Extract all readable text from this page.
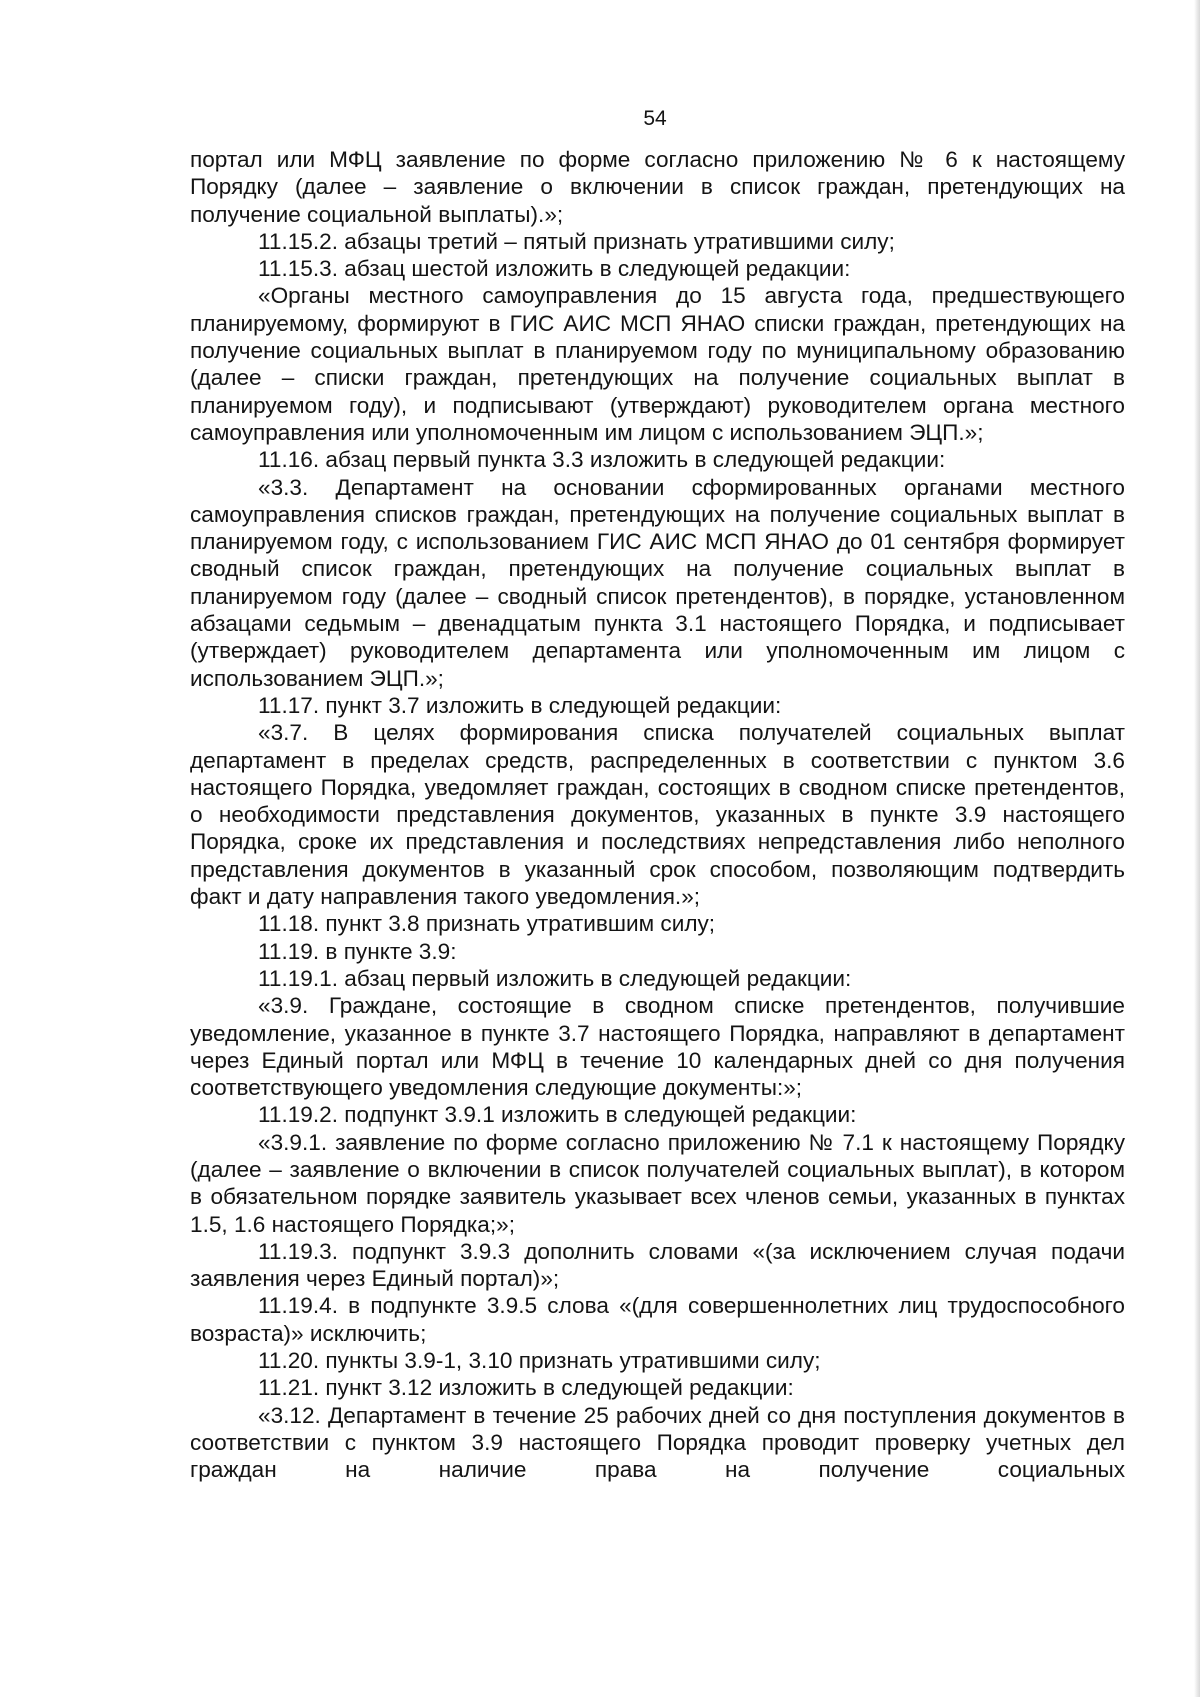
54

портал или МФЦ заявление по форме согласно приложению № 6 к настоящему Порядку (далее – заявление о включении в список граждан, претендующих на получение социальной выплаты).»;

11.15.2. абзацы третий – пятый признать утратившими силу;

11.15.3. абзац шестой изложить в следующей редакции:

«Органы местного самоуправления до 15 августа года, предшествующего планируемому, формируют в ГИС АИС МСП ЯНАО списки граждан, претендующих на получение социальных выплат в планируемом году по муниципальному образованию (далее – списки граждан, претендующих на получение социальных выплат в планируемом году), и подписывают (утверждают) руководителем органа местного самоуправления или уполномоченным им лицом с использованием ЭЦП.»;

11.16. абзац первый пункта 3.3 изложить в следующей редакции:

«3.3. Департамент на основании сформированных органами местного самоуправления списков граждан, претендующих на получение социальных выплат в планируемом году, с использованием ГИС АИС МСП ЯНАО до 01 сентября формирует сводный список граждан, претендующих на получение социальных выплат в планируемом году (далее – сводный список претендентов), в порядке, установленном абзацами седьмым – двенадцатым пункта 3.1 настоящего Порядка, и подписывает (утверждает) руководителем департамента или уполномоченным им лицом с использованием ЭЦП.»;

11.17. пункт 3.7 изложить в следующей редакции:

«3.7. В целях формирования списка получателей социальных выплат департамент в пределах средств, распределенных в соответствии с пунктом 3.6 настоящего Порядка, уведомляет граждан, состоящих в сводном списке претендентов, о необходимости представления документов, указанных в пункте 3.9 настоящего Порядка, сроке их представления и последствиях непредставления либо неполного представления документов в указанный срок способом, позволяющим подтвердить факт и дату направления такого уведомления.»;

11.18. пункт 3.8 признать утратившим силу;

11.19. в пункте 3.9:

11.19.1. абзац первый изложить в следующей редакции:

«3.9. Граждане, состоящие в сводном списке претендентов, получившие уведомление, указанное в пункте 3.7 настоящего Порядка, направляют в департамент через Единый портал или МФЦ в течение 10 календарных дней со дня получения соответствующего уведомления следующие документы:»;

11.19.2. подпункт 3.9.1 изложить в следующей редакции:

«3.9.1. заявление по форме согласно приложению № 7.1 к настоящему Порядку (далее – заявление о включении в список получателей социальных выплат), в котором в обязательном порядке заявитель указывает всех членов семьи, указанных в пунктах 1.5, 1.6 настоящего Порядка;»;

11.19.3. подпункт 3.9.3 дополнить словами «(за исключением случая подачи заявления через Единый портал)»;

11.19.4. в подпункте 3.9.5 слова «(для совершеннолетних лиц трудоспособного возраста)» исключить;

11.20. пункты 3.9-1, 3.10 признать утратившими силу;

11.21. пункт 3.12 изложить в следующей редакции:

«3.12. Департамент в течение 25 рабочих дней со дня поступления документов в соответствии с пунктом 3.9 настоящего Порядка проводит проверку учетных дел граждан на наличие права на получение социальных
